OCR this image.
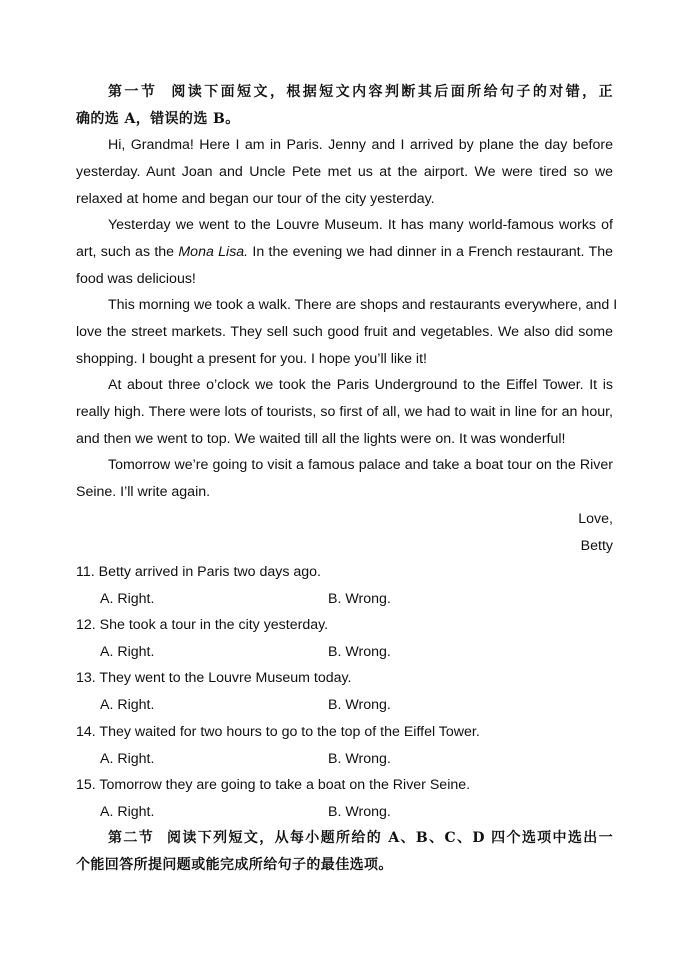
第一节 阅读下面短文，根据短文内容判断其后面所给句子的对错，正
确的选 A，错误的选 B。
Hi, Grandma! Here I am in Paris. Jenny and I arrived by plane the day before
yesterday. Aunt Joan and Uncle Pete met us at the airport. We were tired so we
relaxed at home and began our tour of the city yesterday.
Yesterday we went to the Louvre Museum. It has many world-famous works of
art, such as the Mona Lisa. In the evening we had dinner in a French restaurant. The
food was delicious!
This morning we took a walk. There are shops and restaurants everywhere, and I
love the street markets. They sell such good fruit and vegetables. We also did some
shopping. I bought a present for you. I hope you’ll like it!
At about three o’clock we took the Paris Underground to the Eiffel Tower. It is
really high. There were lots of tourists, so first of all, we had to wait in line for an hour,
and then we went to top. We waited till all the lights were on. It was wonderful!
Tomorrow we’re going to visit a famous palace and take a boat tour on the River
Seine. I’ll write again.
Love,
Betty
11. Betty arrived in Paris two days ago.
A. Right.	B. Wrong.
12. She took a tour in the city yesterday.
A. Right.	B. Wrong.
13. They went to the Louvre Museum today.
A. Right.	B. Wrong.
14. They waited for two hours to go to the top of the Eiffel Tower.
A. Right.	B. Wrong.
15. Tomorrow they are going to take a boat on the River Seine.
A. Right.	B. Wrong.
第二节 阅读下列短文，从每小题所给的 A、B、C、D 四个选项中选出一
个能回答所提问题或能完成所给句子的最佳选项。
